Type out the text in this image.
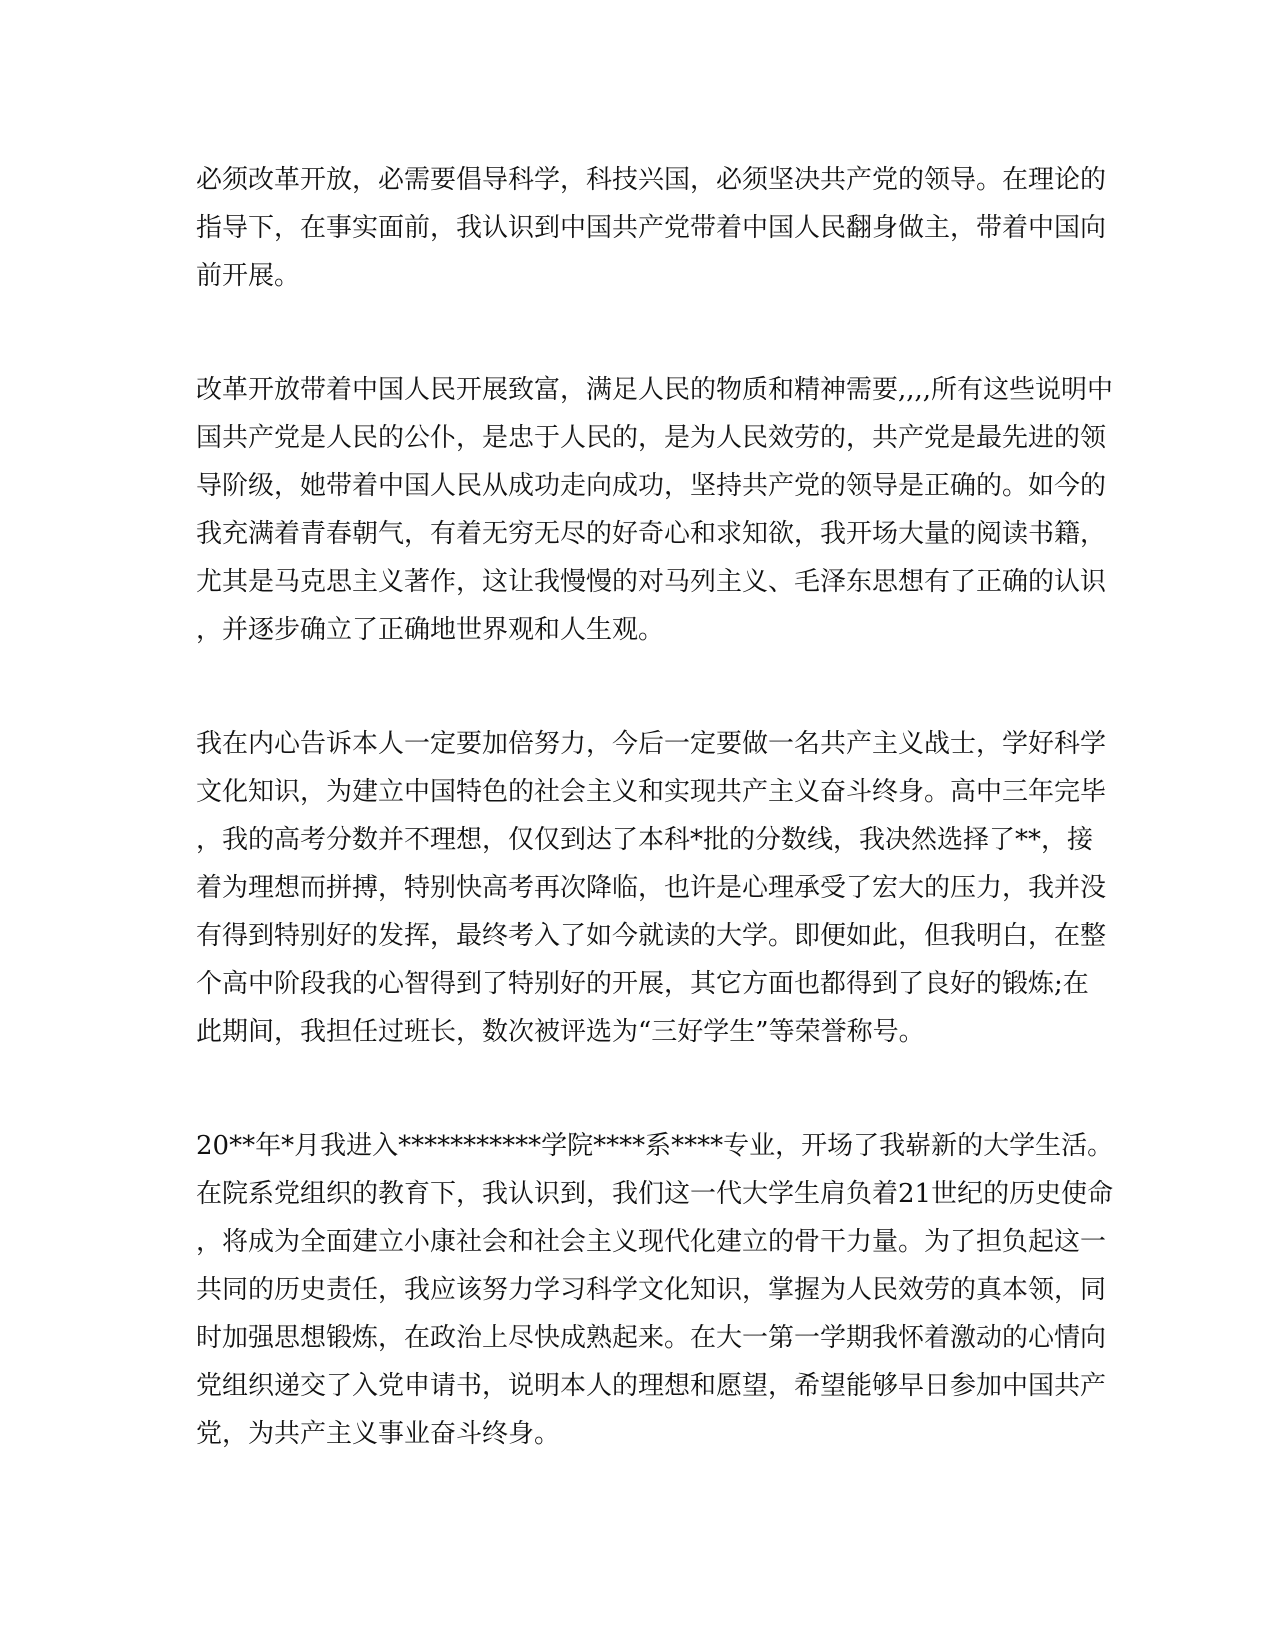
必须改革开放，必需要倡导科学，科技兴国，必须坚决共产党的领导。在理论的
指导下，在事实面前，我认识到中国共产党带着中国人民翻身做主，带着中国向
前开展。
改革开放带着中国人民开展致富，满足人民的物质和精神需要,,,,所有这些说明中
国共产党是人民的公仆，是忠于人民的，是为人民效劳的，共产党是最先进的领
导阶级，她带着中国人民从成功走向成功，坚持共产党的领导是正确的。如今的
我充满着青春朝气，有着无穷无尽的好奇心和求知欲，我开场大量的阅读书籍，
尤其是马克思主义著作，这让我慢慢的对马列主义、毛泽东思想有了正确的认识
，并逐步确立了正确地世界观和人生观。
我在内心告诉本人一定要加倍努力，今后一定要做一名共产主义战士，学好科学
文化知识，为建立中国特色的社会主义和实现共产主义奋斗终身。高中三年完毕
，我的高考分数并不理想，仅仅到达了本科*批的分数线，我决然选择了**，接
着为理想而拼搏，特别快高考再次降临，也许是心理承受了宏大的压力，我并没
有得到特别好的发挥，最终考入了如今就读的大学。即便如此，但我明白，在整
个高中阶段我的心智得到了特别好的开展，其它方面也都得到了良好的锻炼;在
此期间，我担任过班长，数次被评选为“三好学生”等荣誉称号。
20**年*月我进入***********学院****系****专业，开场了我崭新的大学生活。
在院系党组织的教育下，我认识到，我们这一代大学生肩负着21世纪的历史使命
，将成为全面建立小康社会和社会主义现代化建立的骨干力量。为了担负起这一
共同的历史责任，我应该努力学习科学文化知识，掌握为人民效劳的真本领，同
时加强思想锻炼，在政治上尽快成熟起来。在大一第一学期我怀着激动的心情向
党组织递交了入党申请书，说明本人的理想和愿望，希望能够早日参加中国共产
党，为共产主义事业奋斗终身。
